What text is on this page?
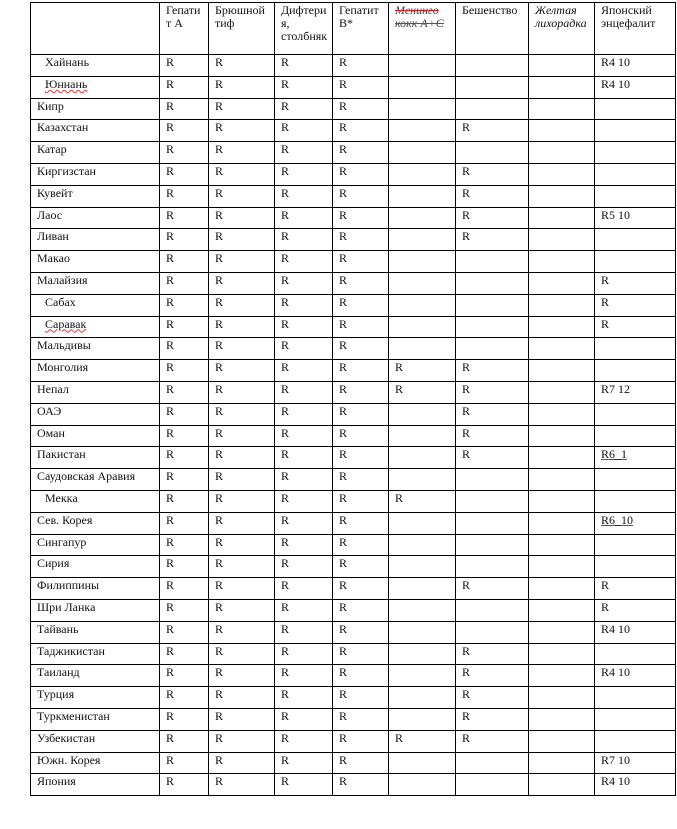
	Гепати т А	Брюшной тиф	Дифтери я, столбняк	Гепатит В*	Менинго кокк А+С	Бешенство	Желтая лихорадка	Японский энцефалит
Хайнань	R	R	R	R				R4 10
Юннань	R	R	R	R				R4 10
Кипр	R	R	R	R				
Казахстан	R	R	R	R		R		
Катар	R	R	R	R				
Киргизстан	R	R	R	R		R		
Кувейт	R	R	R	R		R		
Лаос	R	R	R	R		R		R5 10
Ливан	R	R	R	R		R		
Макао	R	R	R	R				
Малайзия	R	R	R	R				R
Сабах	R	R	R	R				R
Саравак	R	R	R	R				R
Мальдивы	R	R	R	R				
Монголия	R	R	R	R	R	R		
Непал	R	R	R	R	R	R		R7 12
ОАЭ	R	R	R	R		R		
Оман	R	R	R	R		R		
Пакистан	R	R	R	R		R		R6_1
Саудовская Аравия	R	R	R	R				
Мекка	R	R	R	R	R			
Сев. Корея	R	R	R	R				R6_10
Сингапур	R	R	R	R				
Сирия	R	R	R	R				
Филиппины	R	R	R	R		R		R
Шри Ланка	R	R	R	R				R
Тайвань	R	R	R	R				R4 10
Таджикистан	R	R	R	R		R		
Таиланд	R	R	R	R		R		R4 10
Турция	R	R	R	R		R		
Туркменистан	R	R	R	R		R		
Узбекистан	R	R	R	R	R	R		
Южн. Корея	R	R	R	R				R7 10
Япония	R	R	R	R				R4 10
